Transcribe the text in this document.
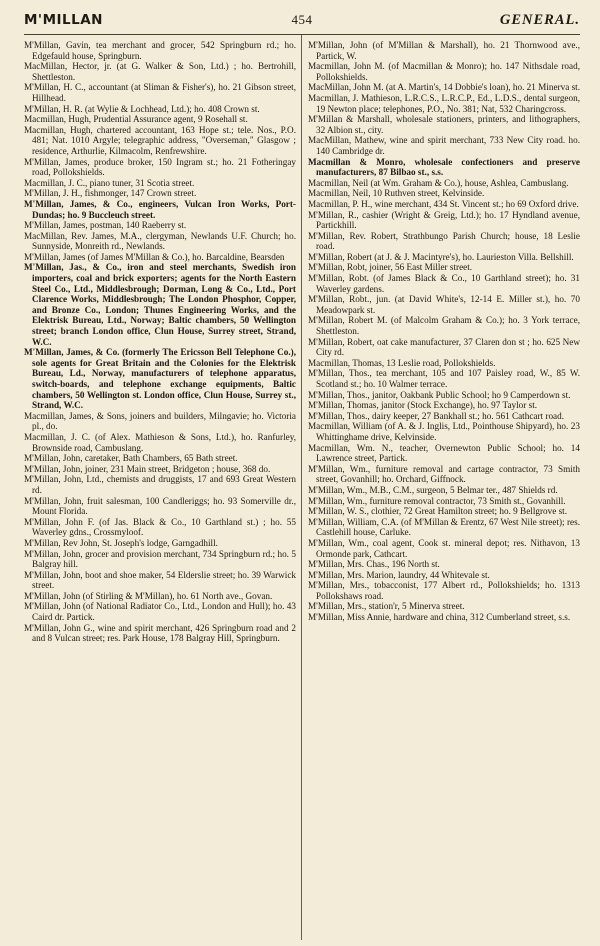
454
M'MILLAN	GENERAL.

M'Millan, Gavin, tea merchant and grocer, 542 Springburn rd.; ho. Edgefauld house, Springburn.

MacMillan, Hector, jr. (at G. Walker & Son, Ltd.) ; ho. Bertrohill, Shettleston.

M'Millan, H. C., accountant (at Sliman & Fisher's), ho. 21 Gibson street, Hillhead.

M'Millan, H. R. (at Wylie & Lochhead, Ltd.); ho. 408 Crown st.

Macmillan, Hugh, Prudential Assurance agent, 9 Rosehall st.

Macmillan, Hugh, chartered accountant, 163 Hope st.; tele. Nos., P.O. 481; Nat. 1010 Argyle; telegraphic address, "Overseman," Glasgow ; residence, Arthurlie, Kilmacolm, Renfrewshire.

M'Millan, James, produce broker, 150 Ingram st.; ho. 21 Fotheringay road, Pollokshields.

Macmillan, J. C., piano tuner, 31 Scotia street.

M'Millan, J. H., fishmonger, 147 Crown street.

M'Millan, James, & Co., engineers, Vulcan Iron Works, Port-Dundas; ho. 9 Buccleuch street.

M'Millan, James, postman, 140 Raeberry st.

MacMillan, Rev. James, M.A., clergyman, Newlands U.F. Church; ho. Sunnyside, Monreith rd., Newlands.

M'Millan, James (of James M'Millan & Co.), ho. Barcaldine, Bearsden

M'Millan, Jas., & Co., iron and steel merchants, Swedish iron importers, coal and brick exporters; agents for the North Eastern Steel Co., Ltd., Middlesbrough; Dorman, Long & Co., Ltd., Port Clarence Works, Middlesbrough; The London Phosphor, Copper, and Bronze Co., London; Thunes Engineering Works, and the Elektrisk Bureau, Ltd., Norway; Baltic chambers, 50 Wellington street; branch London office, Clun House, Surrey street, Strand, W.C.

M'Millan, James, & Co. (formerly The Ericsson Bell Telephone Co.), sole agents for Great Britain and the Colonies for the Elektrisk Bureau, Ld., Norway, manufacturers of telephone apparatus, switch-boards, and telephone exchange equipments, Baltic chambers, 50 Wellington st. London office, Clun House, Surrey st., Strand, W.C.

Macmillan, James, & Sons, joiners and builders, Milngavie; ho. Victoria pl., do.

Macmillan, J. C. (of Alex. Mathieson & Sons, Ltd.), ho. Ranfurley, Brownside road, Cambuslang.

M'Millan, John, caretaker, Bath Chambers, 65 Bath street.

M'Millan, John, joiner, 231 Main street, Bridgeton ; house, 368 do.

M'Millan, John, Ltd., chemists and druggists, 17 and 693 Great Western rd.

M'Millan, John, fruit salesman, 100 Candleriggs; ho. 93 Somerville dr., Mount Florida.

M'Millan, John F. (of Jas. Black & Co., 10 Garthland st.) ; ho. 55 Waverley gdns., Crossmyloof.

M'Millan, Rev John, St. Joseph's lodge, Garngadhill.

M'Millan, John, grocer and provision merchant, 734 Springburn rd.; ho. 5 Balgray hill.

M'Millan, John, boot and shoe maker, 54 Elderslie street; ho. 39 Warwick street.

M'Millan, John (of Stirling & M'Millan), ho. 61 North ave., Govan.

M'Millan, John (of National Radiator Co., Ltd., London and Hull); ho. 43 Caird dr. Partick.

M'Millan, John G., wine and spirit merchant, 426 Springburn road and 2 and 8 Vulcan street; res. Park House, 178 Balgray Hill, Springburn.

M'Millan, John (of M'Millan & Marshall), ho. 21 Thornwood ave., Partick, W.

Macmillan, John M. (of Macmillan & Monro); ho. 147 Nithsdale road, Pollokshields.

MacMillan, John M. (at A. Martin's, 14 Dobbie's loan), ho. 21 Minerva st.

Macmillan, J. Mathieson, L.R.C.S., L.R.C.P., Ed., L.D.S., dental surgeon, 19 Newton place; telephones, P.O., No. 381; Nat, 532 Charingcross.

M'Millan & Marshall, wholesale stationers, printers, and lithographers, 32 Albion st., city.

MacMillan, Mathew, wine and spirit merchant, 733 New City road. ho. 140 Cambridge dr.

Macmillan & Monro, wholesale confectioners and preserve manufacturers, 87 Bilbao st., s.s.

Macmillan, Neil (at Wm. Graham & Co.), house, Ashlea, Cambuslang.

Macmillan, Neil, 10 Ruthven street, Kelvinside.

Macmillan, P. H., wine merchant, 434 St. Vincent st.; ho 69 Oxford drive.

M'Millan, R., cashier (Wright & Greig, Ltd.); ho. 17 Hyndland avenue, Partickhill.

M'Millan, Rev. Robert, Strathbungo Parish Church; house, 18 Leslie road.

M'Millan, Robert (at J. & J. Macintyre's), ho. Laurieston Villa. Bellshill.

M'Millan, Robt, joiner, 56 East Miller street.

M'Millan, Robt. (of James Black & Co., 10 Garthland street); ho. 31 Waverley gardens.

M'Millan, Robt., jun. (at David White's, 12-14 E. Miller st.), ho. 70 Meadowpark st.

M'Millan, Robert M. (of Malcolm Graham & Co.); ho. 3 York terrace, Shettleston.

M'Millan, Robert, oat cake manufacturer, 37 Claren don st ; ho. 625 New City rd.

Macmillan, Thomas, 13 Leslie road, Pollokshields.

M'Millan, Thos., tea merchant, 105 and 107 Paisley road, W., 85 W. Scotland st.; ho. 10 Walmer terrace.

M'Millan, Thos., janitor, Oakbank Public School; ho 9 Camperdown st.

M'Millan, Thomas, janitor (Stock Exchange), ho. 97 Taylor st.

M'Millan, Thos., dairy keeper, 27 Bankhall st.; ho. 561 Cathcart road.

Macmillan, William (of A. & J. Inglis, Ltd., Pointhouse Shipyard), ho. 23 Whittinghame drive, Kelvinside.

Macmillan, Wm. N., teacher, Overnewton Public School; ho. 14 Lawrence street, Partick.

M'Millan, Wm., furniture removal and cartage contractor, 73 Smith street, Govanhill; ho. Orchard, Giffnock.

M'Millan, Wm., M.B., C.M., surgeon, 5 Belmar ter., 487 Shields rd.

M'Millan, Wm., furniture removal contractor, 73 Smith st., Govanhill.

M'Millan, W. S., clothier, 72 Great Hamilton street; ho. 9 Bellgrove st.

M'Millan, William, C.A. (of M'Millan & Erentz, 67 West Nile street); res. Castlehill house, Carluke.

M'Millan, Wm., coal agent, Cook st. mineral depot; res. Nithavon, 13 Ormonde park, Cathcart.

M'Millan, Mrs. Chas., 196 North st.

M'Millan, Mrs. Marion, laundry, 44 Whitevale st.

M'Millan, Mrs., tobacconist, 177 Albert rd., Pollokshields; ho. 1313 Pollokshaws road.

M'Millan, Mrs., station'r, 5 Minerva street.

M'Millan, Miss Annie, hardware and china, 312 Cumberland street, s.s.
